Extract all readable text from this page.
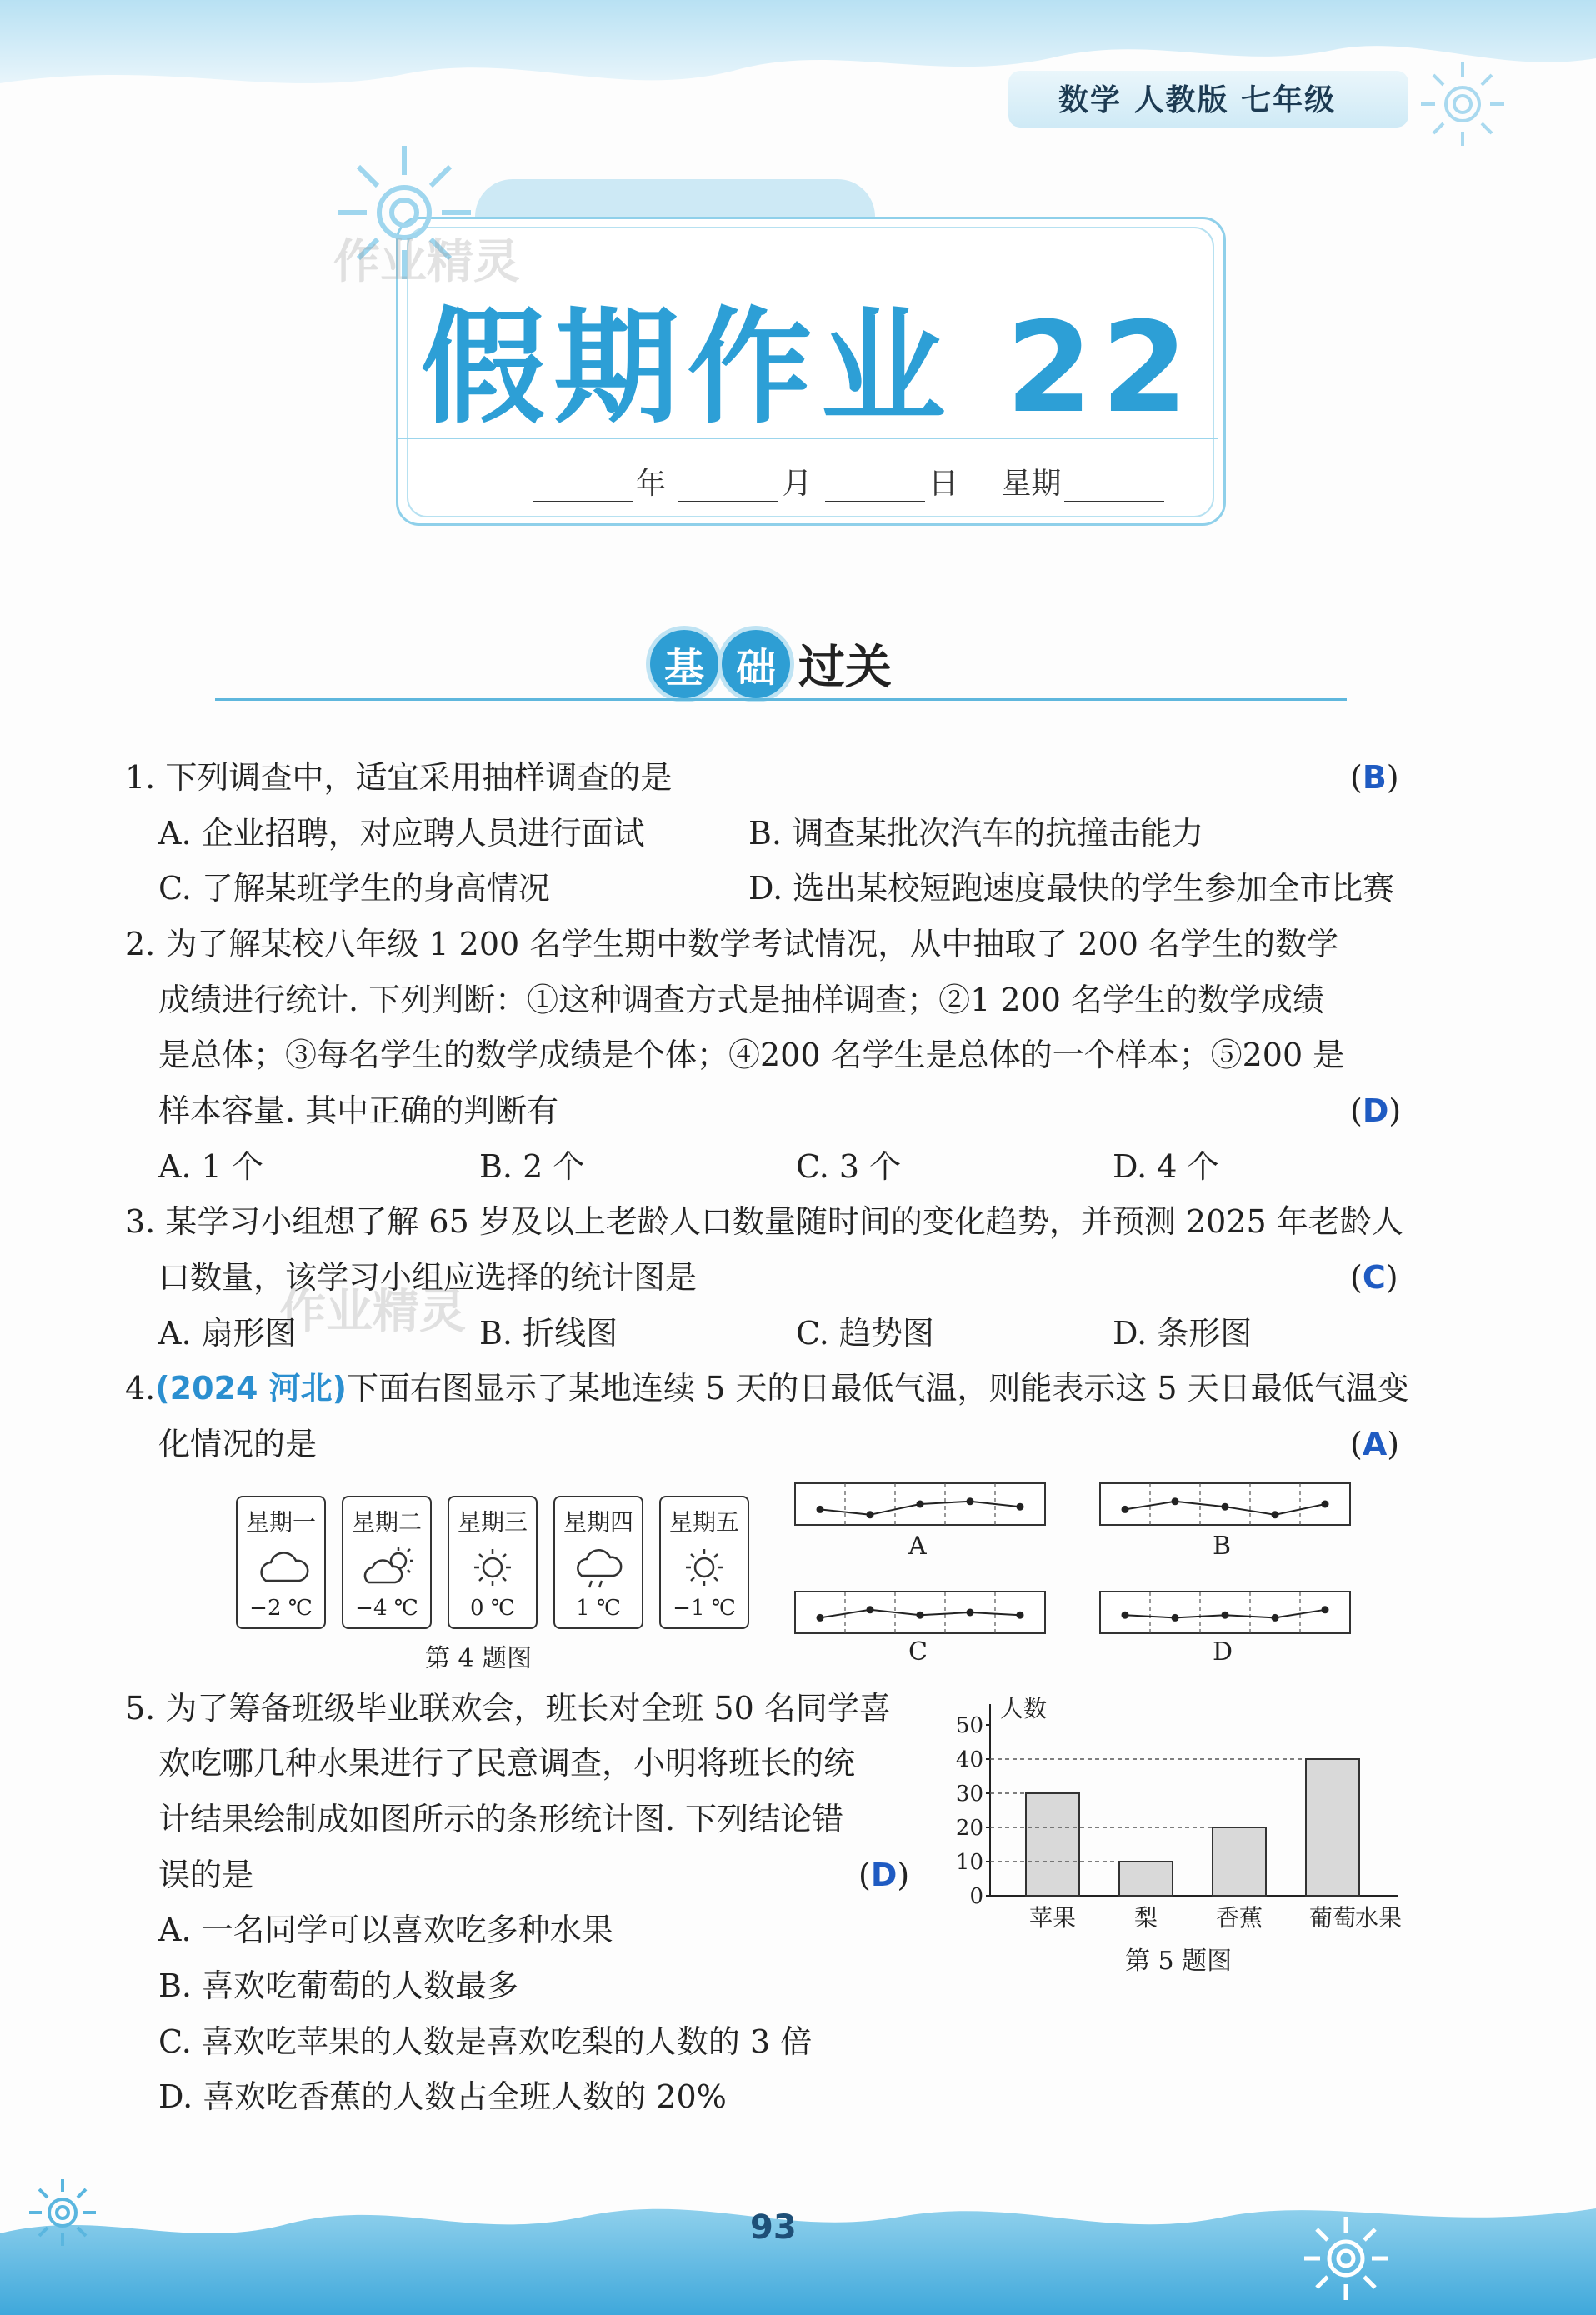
数学 人教版 七年级
作业精灵
假期作业 22
年	月	日 星期
基 础 过关
1. 下列调查中，适宜采用抽样调查的是	(B)
A. 企业招聘，对应聘人员进行面试	B. 调查某批次汽车的抗撞击能力
C. 了解某班学生的身高情况	D. 选出某校短跑速度最快的学生参加全市比赛
2. 为了解某校八年级 1 200 名学生期中数学考试情况，从中抽取了 200 名学生的数学
成绩进行统计. 下列判断：①这种调查方式是抽样调查；②1 200 名学生的数学成绩
是总体；③每名学生的数学成绩是个体；④200 名学生是总体的一个样本；⑤200 是
样本容量. 其中正确的判断有	(D)
A. 1 个	B. 2 个	C. 3 个	D. 4 个
3. 某学习小组想了解 65 岁及以上老龄人口数量随时间的变化趋势，并预测 2025 年老龄人
口数量，该学习小组应选择的统计图是	(C)
作业精灵
A. 扇形图	B. 折线图	C. 趋势图	D. 条形图
4.(2024 河北)下面右图显示了某地连续 5 天的日最低气温，则能表示这 5 天日最低气温变
化情况的是	(A)
星期一
−2 ℃
星期二
−4 ℃
星期三
0 ℃
星期四
1 ℃
星期五
−1 ℃
第 4 题图
A	B
C	D
5. 为了筹备班级毕业联欢会，班长对全班 50 名同学喜
欢吃哪几种水果进行了民意调查，小明将班长的统
计结果绘制成如图所示的条形统计图. 下列结论错
误的是	(D)
A. 一名同学可以喜欢吃多种水果
B. 喜欢吃葡萄的人数最多
C. 喜欢吃苹果的人数是喜欢吃梨的人数的 3 倍
D. 喜欢吃香蕉的人数占全班人数的 20%
人数
0
10
20
30
40
50
苹果 梨 香蕉 葡萄
水果
第 5 题图
93
